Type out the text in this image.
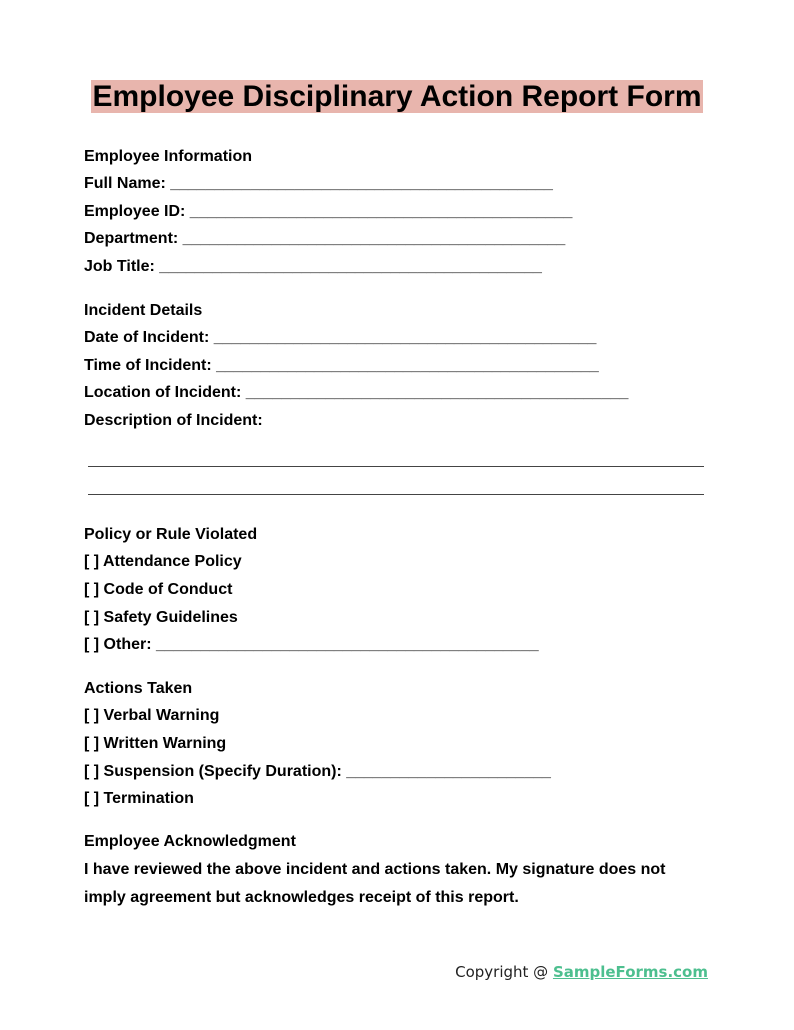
Employee Disciplinary Action Report Form
Employee Information
Full Name: ___________________________________________
Employee ID: ___________________________________________
Department: ___________________________________________
Job Title: ___________________________________________
Incident Details
Date of Incident: ___________________________________________
Time of Incident: ___________________________________________
Location of Incident: ___________________________________________
Description of Incident:
Policy or Rule Violated
[ ] Attendance Policy
[ ] Code of Conduct
[ ] Safety Guidelines
[ ] Other: ___________________________________________
Actions Taken
[ ] Verbal Warning
[ ] Written Warning
[ ] Suspension (Specify Duration): _______________________
[ ] Termination
Employee Acknowledgment
I have reviewed the above incident and actions taken. My signature does not
imply agreement but acknowledges receipt of this report.
Copyright @ SampleForms.com
